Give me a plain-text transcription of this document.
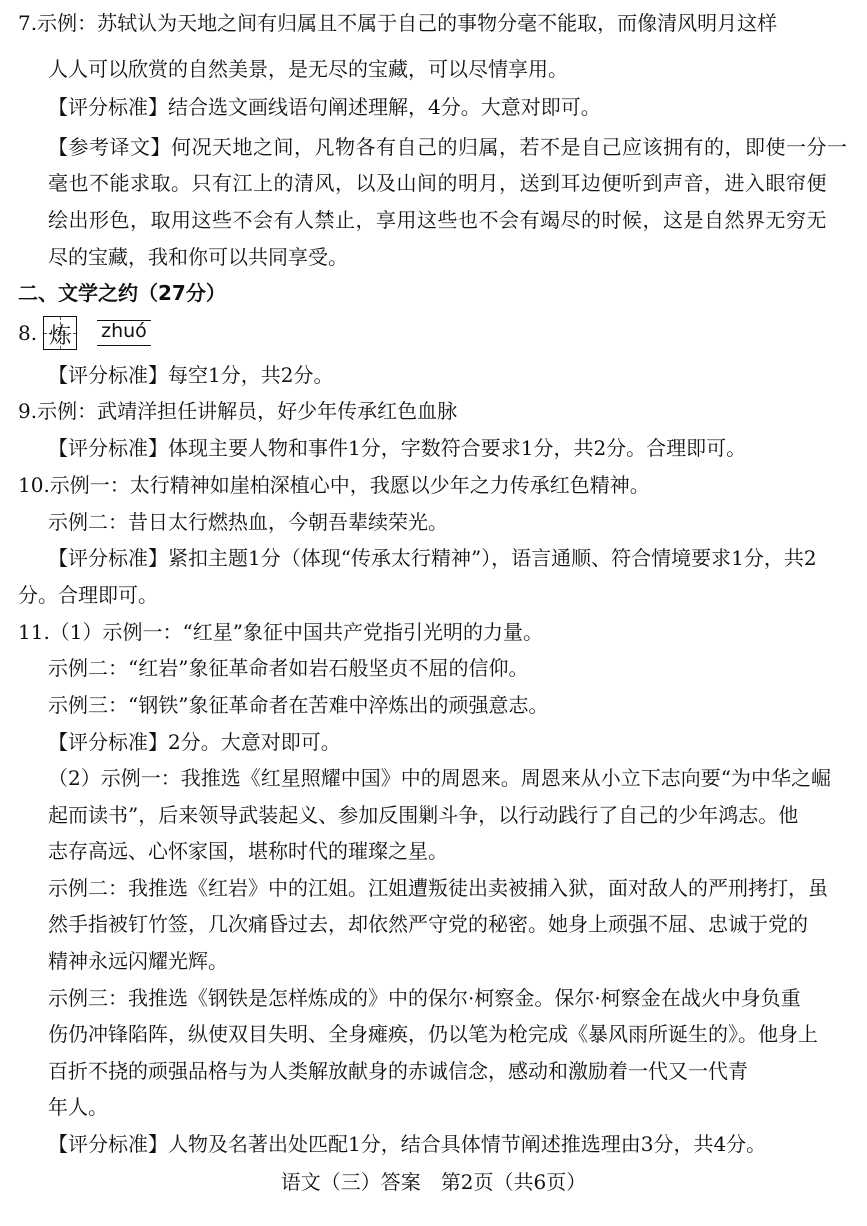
7.示例：苏轼认为天地之间有归属且不属于自己的事物分毫不能取，而像清风明月这样
人人可以欣赏的自然美景，是无尽的宝藏，可以尽情享用。
【评分标准】结合选文画线语句阐述理解，4分。大意对即可。
【参考译文】何况天地之间，凡物各有自己的归属，若不是自己应该拥有的，即使一分一
毫也不能求取。只有江上的清风，以及山间的明月，送到耳边便听到声音，进入眼帘便
绘出形色，取用这些不会有人禁止，享用这些也不会有竭尽的时候，这是自然界无穷无
尽的宝藏，我和你可以共同享受。
二、文学之约（27分）
8. 炼 zhuó
【评分标准】每空1分，共2分。
9.示例：武靖洋担任讲解员，好少年传承红色血脉
【评分标准】体现主要人物和事件1分，字数符合要求1分，共2分。合理即可。
10.示例一：太行精神如崖柏深植心中，我愿以少年之力传承红色精神。
示例二：昔日太行燃热血，今朝吾辈续荣光。
【评分标准】紧扣主题1分（体现“传承太行精神”），语言通顺、符合情境要求1分，共2
分。合理即可。
11.（1）示例一：“红星”象征中国共产党指引光明的力量。
示例二：“红岩”象征革命者如岩石般坚贞不屈的信仰。
示例三：“钢铁”象征革命者在苦难中淬炼出的顽强意志。
【评分标准】2分。大意对即可。
（2）示例一：我推选《红星照耀中国》中的周恩来。周恩来从小立下志向要“为中华之崛
起而读书”，后来领导武装起义、参加反围剿斗争，以行动践行了自己的少年鸿志。他
志存高远、心怀家国，堪称时代的璀璨之星。
示例二：我推选《红岩》中的江姐。江姐遭叛徒出卖被捕入狱，面对敌人的严刑拷打，虽
然手指被钉竹签，几次痛昏过去，却依然严守党的秘密。她身上顽强不屈、忠诚于党的
精神永远闪耀光辉。
示例三：我推选《钢铁是怎样炼成的》中的保尔·柯察金。保尔·柯察金在战火中身负重
伤仍冲锋陷阵，纵使双目失明、全身瘫痪，仍以笔为枪完成《暴风雨所诞生的》。他身上
百折不挠的顽强品格与为人类解放献身的赤诚信念，感动和激励着一代又一代青
年人。
【评分标准】人物及名著出处匹配1分，结合具体情节阐述推选理由3分，共4分。
语文（三）答案　第2页（共6页）
